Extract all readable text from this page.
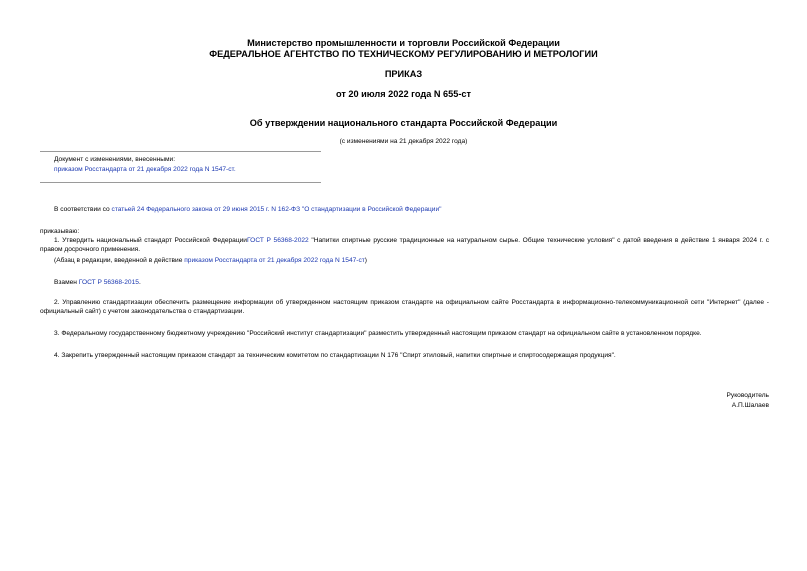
Министерство промышленности и торговли Российской Федерации
ФЕДЕРАЛЬНОЕ АГЕНТСТВО ПО ТЕХНИЧЕСКОМУ РЕГУЛИРОВАНИЮ И МЕТРОЛОГИИ
ПРИКАЗ
от 20 июля 2022 года N 655-ст
Об утверждении национального стандарта Российской Федерации
(с изменениями на 21 декабря 2022 года)
Документ с изменениями, внесенными:
приказом Росстандарта от 21 декабря 2022 года N 1547-ст.
В соответствии со статьей 24 Федерального закона от 29 июня 2015 г. N 162-ФЗ "О стандартизации в Российской Федерации"
приказываю:
1. Утвердить национальный стандарт Российской ФедерацииГОСТ Р 56368-2022 "Напитки спиртные русские традиционные на натуральном сырье. Общие технические условия" с датой введения в действие 1 января 2024 г. с правом досрочного применения.
(Абзац в редакции, введенной в действие приказом Росстандарта от 21 декабря 2022 года N 1547-ст)
Взамен ГОСТ Р 56368-2015.
2. Управлению стандартизации обеспечить размещение информации об утвержденном настоящим приказом стандарте на официальном сайте Росстандарта в информационно-телекоммуникационной сети "Интернет" (далее - официальный сайт) с учетом законодательства о стандартизации.
3. Федеральному государственному бюджетному учреждению "Российский институт стандартизации" разместить утвержденный настоящим приказом стандарт на официальном сайте в установленном порядке.
4. Закрепить утвержденный настоящим приказом стандарт за техническим комитетом по стандартизации N 176 "Спирт этиловый, напитки спиртные и спиртосодержащая продукция".
Руководитель
А.П.Шалаев
